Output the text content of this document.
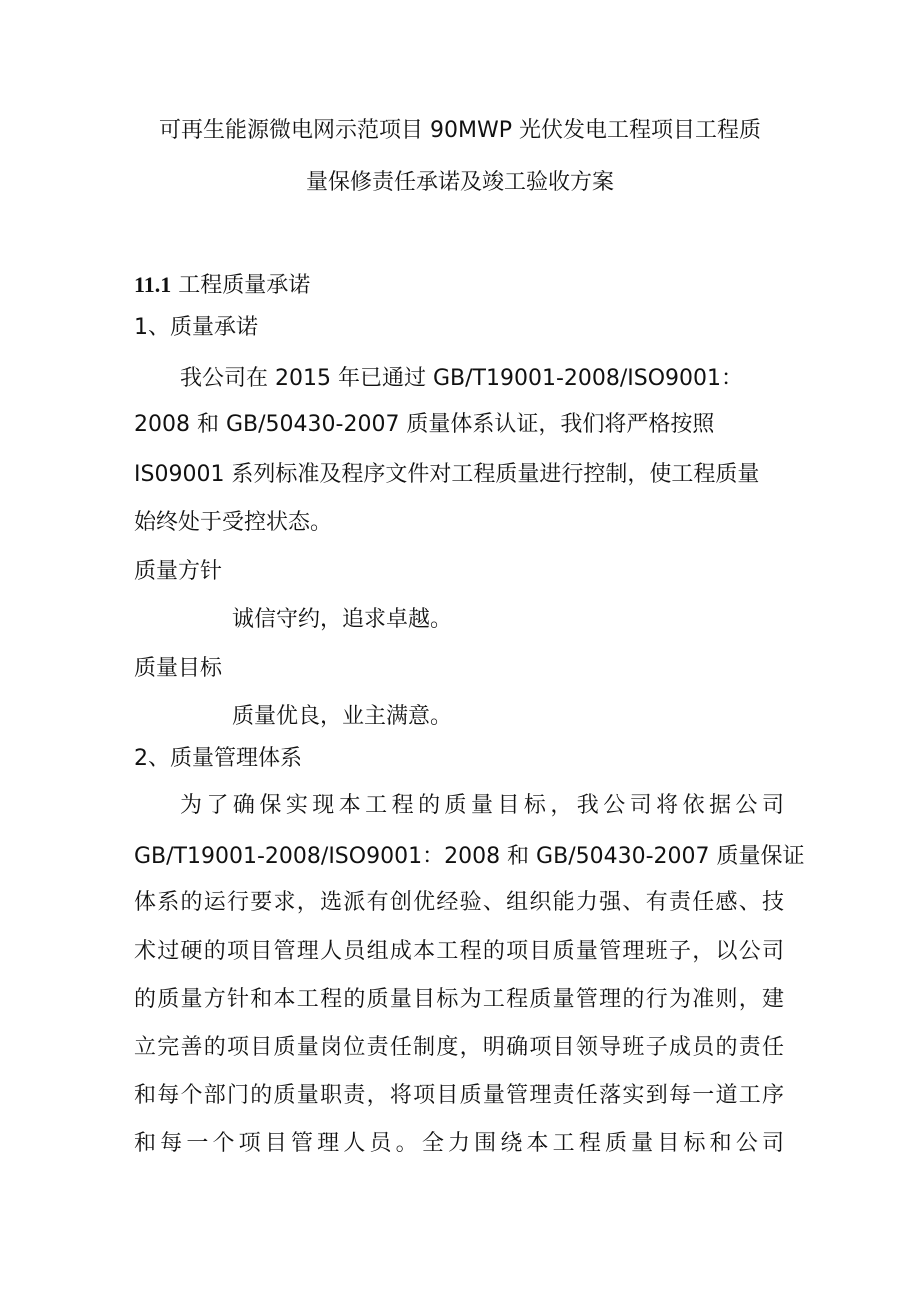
可再生能源微电网示范项目 90MWP 光伏发电工程项目工程质
量保修责任承诺及竣工验收方案
11.1 工程质量承诺
1、质量承诺
我公司在 2015 年已通过 GB/T19001-2008/ISO9001：
2008 和 GB/50430-2007 质量体系认证，我们将严格按照
IS09001 系列标准及程序文件对工程质量进行控制，使工程质量
始终处于受控状态。
质量方针
诚信守约，追求卓越。
质量目标
质量优良，业主满意。
2、质量管理体系
为了确保实现本工程的质量目标，我公司将依据公司
GB/T19001-2008/ISO9001：2008 和 GB/50430-2007 质量保证
体系的运行要求，选派有创优经验、组织能力强、有责任感、技
术过硬的项目管理人员组成本工程的项目质量管理班子，以公司
的质量方针和本工程的质量目标为工程质量管理的行为准则，建
立完善的项目质量岗位责任制度，明确项目领导班子成员的责任
和每个部门的质量职责，将项目质量管理责任落实到每一道工序
和每一个项目管理人员。全力围绕本工程质量目标和公司
